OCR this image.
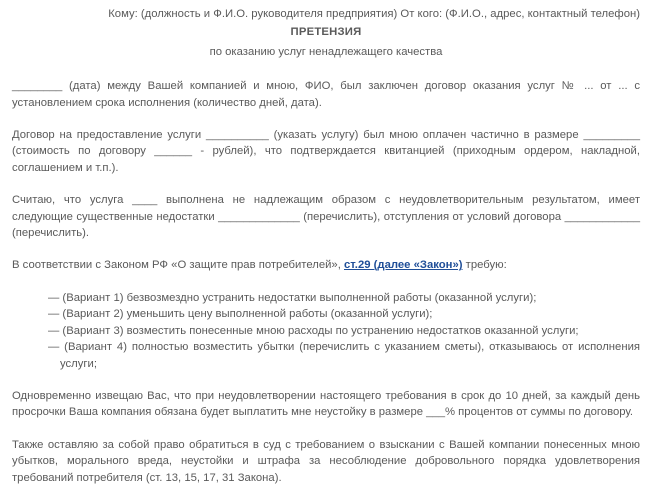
Кому: (должность и Ф.И.О. руководителя предприятия) От кого: (Ф.И.О., адрес, контактный телефон)
ПРЕТЕНЗИЯ
по оказанию услуг ненадлежащего качества

________ (дата) между Вашей компанией и мною, ФИО, был заключен договор оказания услуг № ... от ... с установлением срока исполнения (количество дней, дата).

Договор на предоставление услуги __________ (указать услугу) был мною оплачен частично в размере _________ (стоимость по договору ______ - рублей), что подтверждается квитанцией (приходным ордером, накладной, соглашением и т.п.).

Считаю, что услуга ____ выполнена не надлежащим образом с неудовлетворительным результатом, имеет следующие существенные недостатки _____________ (перечислить), отступления от условий договора ____________ (перечислить).

В соответствии с Законом РФ «О защите прав потребителей», ст.29 (далее «Закон») требую:

— (Вариант 1) безвозмездно устранить недостатки выполненной работы (оказанной услуги);
— (Вариант 2) уменьшить цену выполненной работы (оказанной услуги);
— (Вариант 3) возместить понесенные мною расходы по устранению недостатков оказанной услуги;
— (Вариант 4) полностью возместить убытки (перечислить с указанием сметы), отказываюсь от исполнения услуги;

Одновременно извещаю Вас, что при неудовлетворении настоящего требования в срок до 10 дней, за каждый день просрочки Ваша компания обязана будет выплатить мне неустойку в размере ___% процентов от суммы по договору.

Также оставляю за собой право обратиться в суд с требованием о взыскании с Вашей компании понесенных мною убытков, морального вреда, неустойки и штрафа за несоблюдение добровольного порядка удовлетворения требований потребителя (ст. 13, 15, 17, 31 Закона).
